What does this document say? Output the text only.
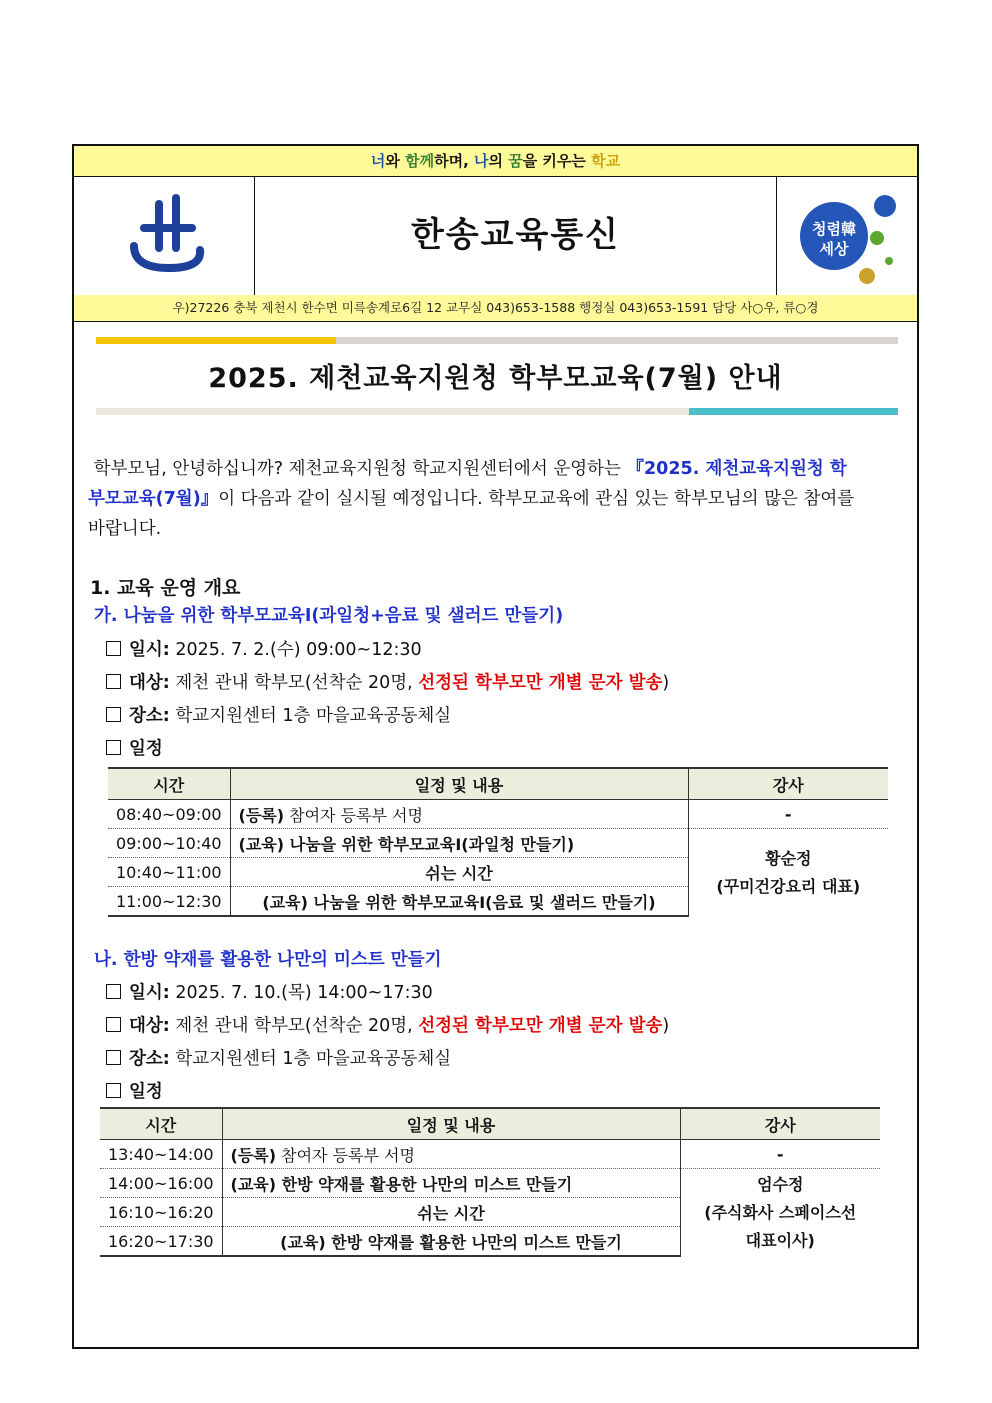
너와 함께하며, 나의 꿈을 키우는 학교
한송교육통신	청렴韓
세상
우)27226 충북 제천시 한수면 미륵송계로6길 12 교무실 043)653-1588 행정실 043)653-1591 담당 사○우, 류○경
2025. 제천교육지원청 학부모교육(7월) 안내
학부모님, 안녕하십니까? 제천교육지원청 학교지원센터에서 운영하는 『2025. 제천교육지원청 학부모교육(7월)』이 다음과 같이 실시될 예정입니다. 학부모교육에 관심 있는 학부모님의 많은 참여를 바랍니다.
1. 교육 운영 개요
가. 나눔을 위한 학부모교육Ⅰ(과일청+음료 및 샐러드 만들기)
일시: 2025. 7. 2.(수) 09:00~12:30
대상: 제천 관내 학부모(선착순 20명, 선정된 학부모만 개별 문자 발송)
장소: 학교지원센터 1층 마을교육공동체실
일정
시간	일정 및 내용	강사
08:40~09:00	(등록) 참여자 등록부 서명	-
09:00~10:40	(교육) 나눔을 위한 학부모교육Ⅰ(과일청 만들기)	황순정
(꾸미건강요리 대표)

10:40~11:00	쉬는 시간	
11:00~12:30	(교육) 나눔을 위한 학부모교육Ⅰ(음료 및 샐러드 만들기)	
나. 한방 약재를 활용한 나만의 미스트 만들기
일시: 2025. 7. 10.(목) 14:00~17:30
대상: 제천 관내 학부모(선착순 20명, 선정된 학부모만 개별 문자 발송)
장소: 학교지원센터 1층 마을교육공동체실
일정
시간	일정 및 내용	강사
13:40~14:00	(등록) 참여자 등록부 서명	-
14:00~16:00	(교육) 한방 약재를 활용한 나만의 미스트 만들기	엄수정
(주식화사 스페이스선
대표이사)

16:10~16:20	쉬는 시간	
16:20~17:30	(교육) 한방 약재를 활용한 나만의 미스트 만들기	
